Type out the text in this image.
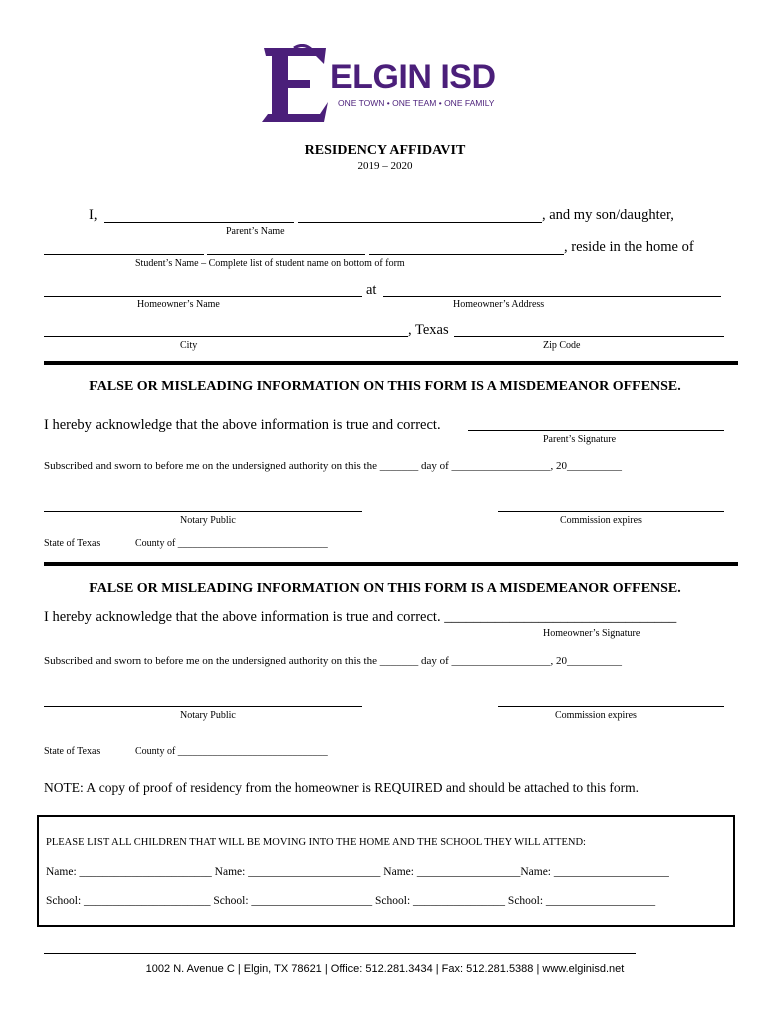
ELGIN ISD
ONE TOWN • ONE TEAM • ONE FAMILY
RESIDENCY AFFIDAVIT
2019 – 2020
I,	, and my son/daughter,
Parent’s Name
, reside in the home of
Student’s Name – Complete list of student name on bottom of form
at
Homeowner’s Name	Homeowner’s Address
, Texas
City	Zip Code
FALSE OR MISLEADING INFORMATION ON THIS FORM IS A MISDEMEANOR OFFENSE.
I hereby acknowledge that the above information is true and correct.
Parent’s Signature
Subscribed and sworn to before me on the undersigned authority on this the _______ day of __________________, 20__________
Notary Public	Commission expires
State of Texas	County of ______________________________
FALSE OR MISLEADING INFORMATION ON THIS FORM IS A MISDEMEANOR OFFENSE.
I hereby acknowledge that the above information is true and correct. ________________________________
Homeowner’s Signature
Subscribed and sworn to before me on the undersigned authority on this the _______ day of __________________, 20__________
Notary Public	Commission expires
State of Texas	County of ______________________________
NOTE: A copy of proof of residency from the homeowner is REQUIRED and should be attached to this form.
PLEASE LIST ALL CHILDREN THAT WILL BE MOVING INTO THE HOME AND THE SCHOOL THEY WILL ATTEND:
Name: _______________________ Name: _______________________ Name: __________________Name: ____________________
School: ______________________ School: _____________________ School: ________________ School: ___________________
1002 N. Avenue C | Elgin, TX 78621 | Office: 512.281.3434 | Fax: 512.281.5388 | www.elginisd.net
